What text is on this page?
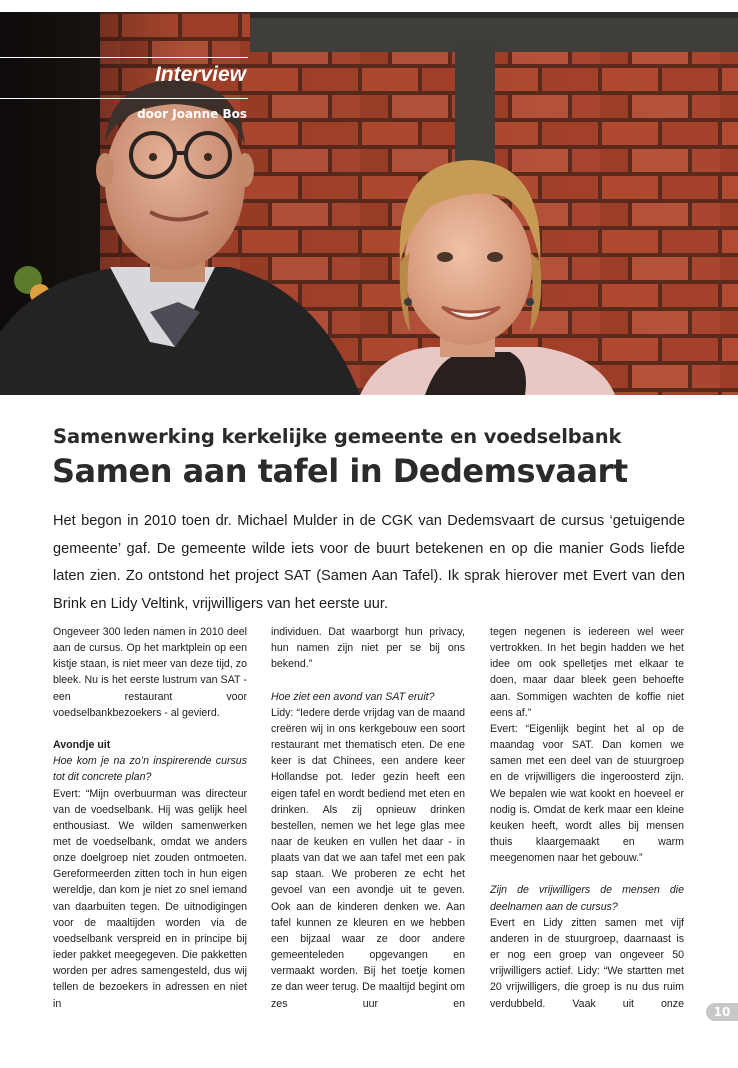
Interview
door Joanne Bos
Samenwerking kerkelijke gemeente en voedselbank
Samen aan tafel in Dedemsvaart
Het begon in 2010 toen dr. Michael Mulder in de CGK van Dedemsvaart de cursus ‘getuigende gemeente’ gaf. De gemeente wilde iets voor de buurt betekenen en op die manier Gods liefde laten zien. Zo ontstond het project SAT (Samen Aan Tafel). Ik sprak hierover met Evert van den Brink en Lidy Veltink, vrijwilligers van het eerste uur.

Ongeveer 300 leden namen in 2010 deel aan de cursus. Op het marktplein op een kistje staan, is niet meer van deze tijd, zo bleek. Nu is het eerste lustrum van SAT - een restaurant voor voedselbankbezoekers - al gevierd.

Avondje uit

Hoe kom je na zo’n inspirerende cursus tot dit concrete plan?

Evert: “Mijn overbuurman was directeur van de voedselbank. Hij was gelijk heel enthousiast. We wilden samenwerken met de voedselbank, omdat we anders onze doelgroep niet zouden ontmoeten. Gereformeerden zitten toch in hun eigen wereldje, dan kom je niet zo snel iemand van daarbuiten tegen. De uitnodigingen voor de maaltijden worden via de voedselbank verspreid en in principe bij ieder pakket meegegeven. Die pakketten worden per adres samengesteld, dus wij tellen de bezoekers in adressen en niet in

individuen. Dat waarborgt hun privacy, hun namen zijn niet per se bij ons bekend.”

Hoe ziet een avond van SAT eruit?

Lidy: “Iedere derde vrijdag van de maand creëren wij in ons kerkgebouw een soort restaurant met thematisch eten. De ene keer is dat Chinees, een andere keer Hollandse pot. Ieder gezin heeft een eigen tafel en wordt bediend met eten en drinken. Als zij opnieuw drinken bestellen, nemen we het lege glas mee naar de keuken en vullen het daar - in plaats van dat we aan tafel met een pak sap staan. We proberen ze echt het gevoel van een avondje uit te geven. Ook aan de kinderen denken we. Aan tafel kunnen ze kleuren en we hebben een bijzaal waar ze door andere gemeenteleden opgevangen en vermaakt worden. Bij het toetje komen ze dan weer terug. De maaltijd begint om zes uur en

tegen negenen is iedereen wel weer vertrokken. In het begin hadden we het idee om ook spelletjes met elkaar te doen, maar daar bleek geen behoefte aan. Sommigen wachten de koffie niet eens af.”

Evert: “Eigenlijk begint het al op de maandag voor SAT. Dan komen we samen met een deel van de stuurgroep en de vrijwilligers die ingeroosterd zijn. We bepalen wie wat kookt en hoeveel er nodig is. Omdat de kerk maar een kleine keuken heeft, wordt alles bij mensen thuis klaargemaakt en warm meegenomen naar het gebouw.”

Zijn de vrijwilligers de mensen die deelnamen aan de cursus?

Evert en Lidy zitten samen met vijf anderen in de stuurgroep, daarnaast is er nog een groep van ongeveer 50 vrijwilligers actief. Lidy: “We startten met 20 vrijwilligers, die groep is nu dus ruim verdubbeld. Vaak uit onze

10
